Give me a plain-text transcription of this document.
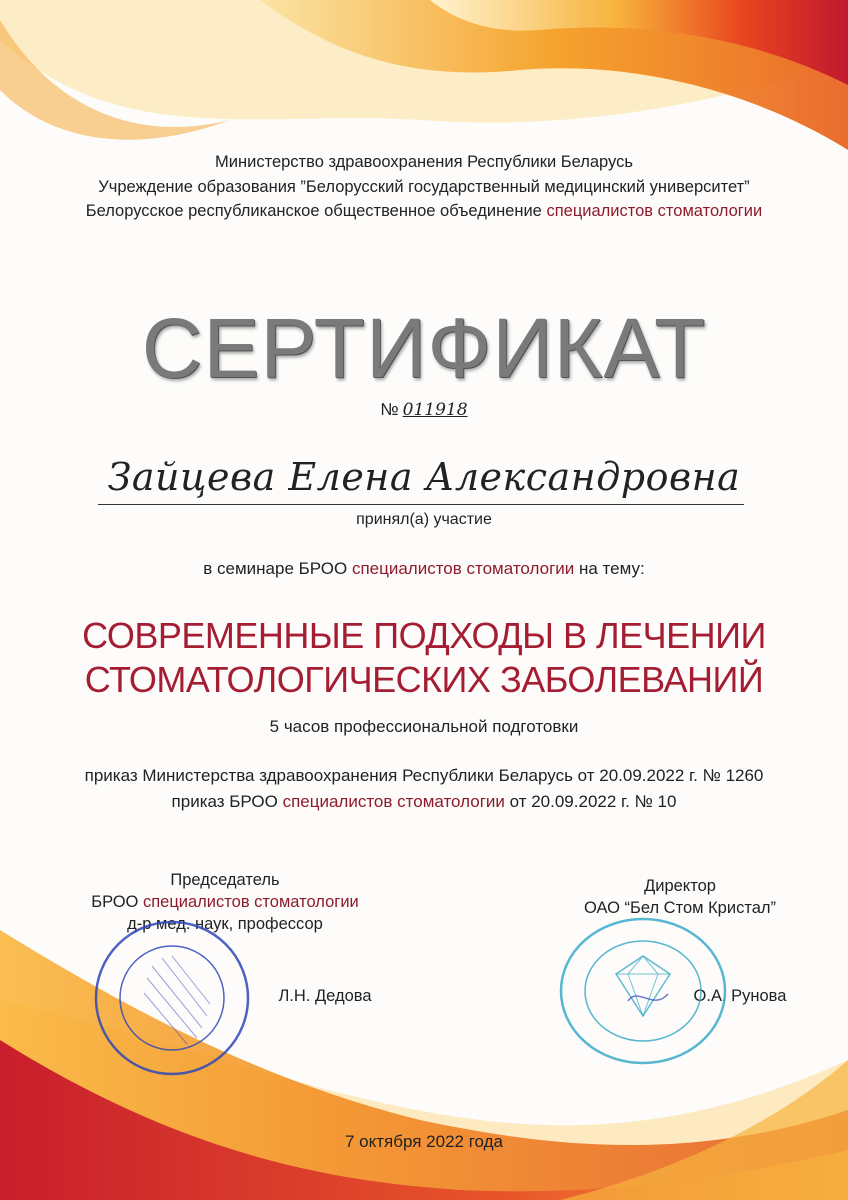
Министерство здравоохранения Республики Беларусь
Учреждение образования ”Белорусский государственный медицинский университет”
Белорусское республиканское общественное объединение специалистов стоматологии
СЕРТИФИКАТ
№ 011918
Зайцева Елена Александровна
принял(а) участие
в семинаре БРОО специалистов стоматологии на тему:
СОВРЕМЕННЫЕ ПОДХОДЫ В ЛЕЧЕНИИ
СТОМАТОЛОГИЧЕСКИХ ЗАБОЛЕВАНИЙ
5 часов профессиональной подготовки
приказ Министерства здравоохранения Республики Беларусь от 20.09.2022 г. № 1260
приказ БРОО специалистов стоматологии от 20.09.2022 г. № 10
Председатель
БРОО специалистов стоматологии
д-р мед. наук, профессор
Л.Н. Дедова
Директор
ОАО “Бел Стом Кристал”
О.А. Рунова
7 октября 2022 года
